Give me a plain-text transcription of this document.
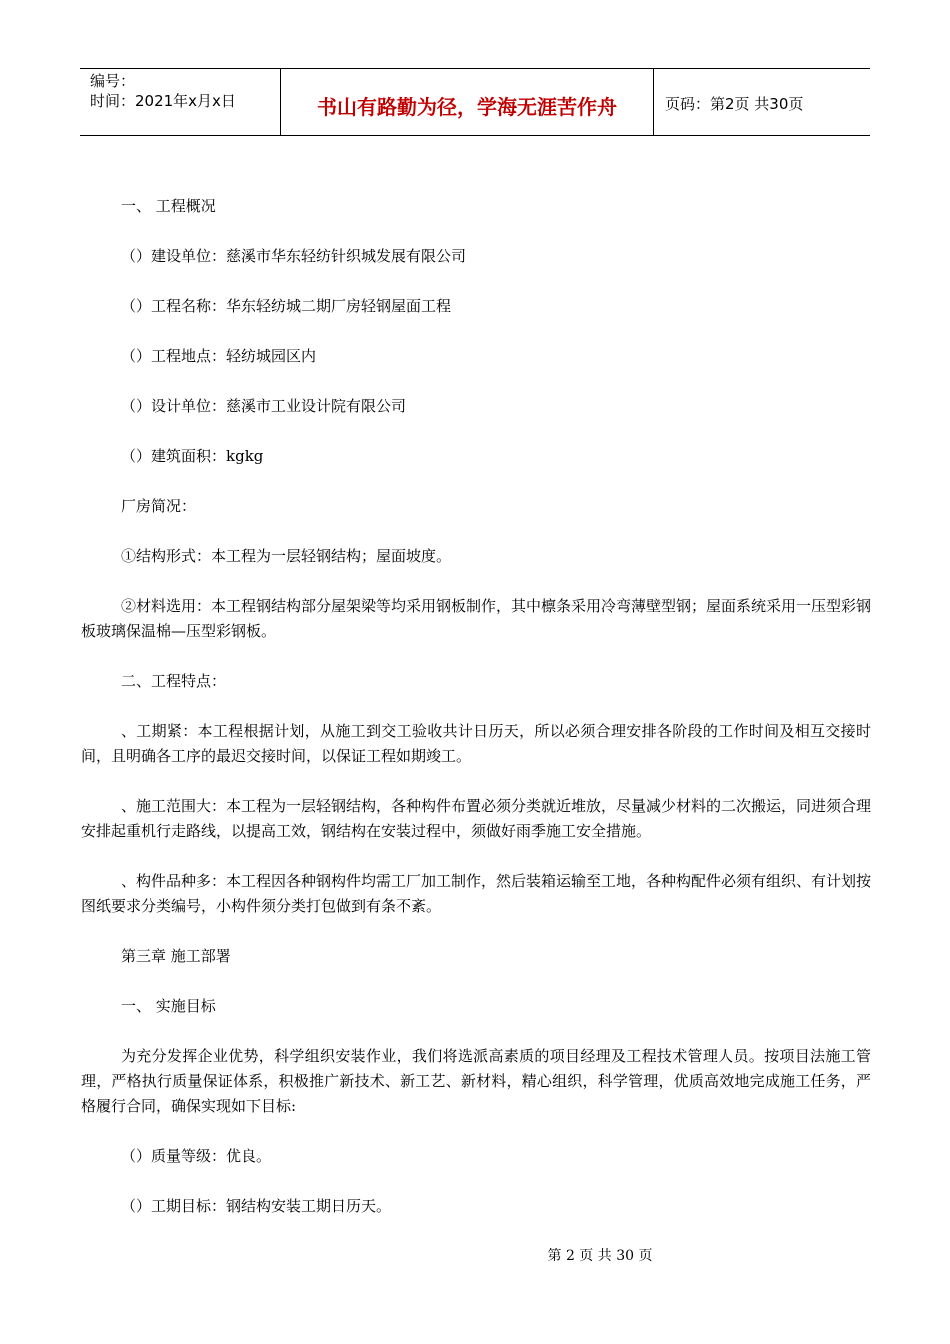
编号：
时间：2021年x月x日	书山有路勤为径，学海无涯苦作舟	页码：第2页 共30页

一、 工程概况

（）建设单位：慈溪市华东轻纺针织城发展有限公司

（）工程名称：华东轻纺城二期厂房轻钢屋面工程

（）工程地点：轻纺城园区内

（）设计单位：慈溪市工业设计院有限公司

（）建筑面积：kgkg

厂房简况：

①结构形式：本工程为一层轻钢结构；屋面坡度。

②材料选用：本工程钢结构部分屋架梁等均采用钢板制作，其中檩条采用冷弯薄壁型钢；屋面系统采用一压型彩钢板玻璃保温棉—压型彩钢板。

二、工程特点：

、工期紧：本工程根据计划，从施工到交工验收共计日历天，所以必须合理安排各阶段的工作时间及相互交接时间，且明确各工序的最迟交接时间，以保证工程如期竣工。

、施工范围大：本工程为一层轻钢结构，各种构件布置必须分类就近堆放，尽量减少材料的二次搬运，同进须合理安排起重机行走路线，以提高工效，钢结构在安装过程中，须做好雨季施工安全措施。

、构件品种多：本工程因各种钢构件均需工厂加工制作，然后装箱运输至工地，各种构配件必须有组织、有计划按图纸要求分类编号，小构件须分类打包做到有条不紊。

第三章 施工部署

一、 实施目标

为充分发挥企业优势，科学组织安装作业，我们将选派高素质的项目经理及工程技术管理人员。按项目法施工管理，严格执行质量保证体系，积极推广新技术、新工艺、新材料，精心组织，科学管理，优质高效地完成施工任务，严格履行合同，确保实现如下目标:

（）质量等级：优良。

（）工期目标：钢结构安装工期日历天。

第 2 页 共 30 页
